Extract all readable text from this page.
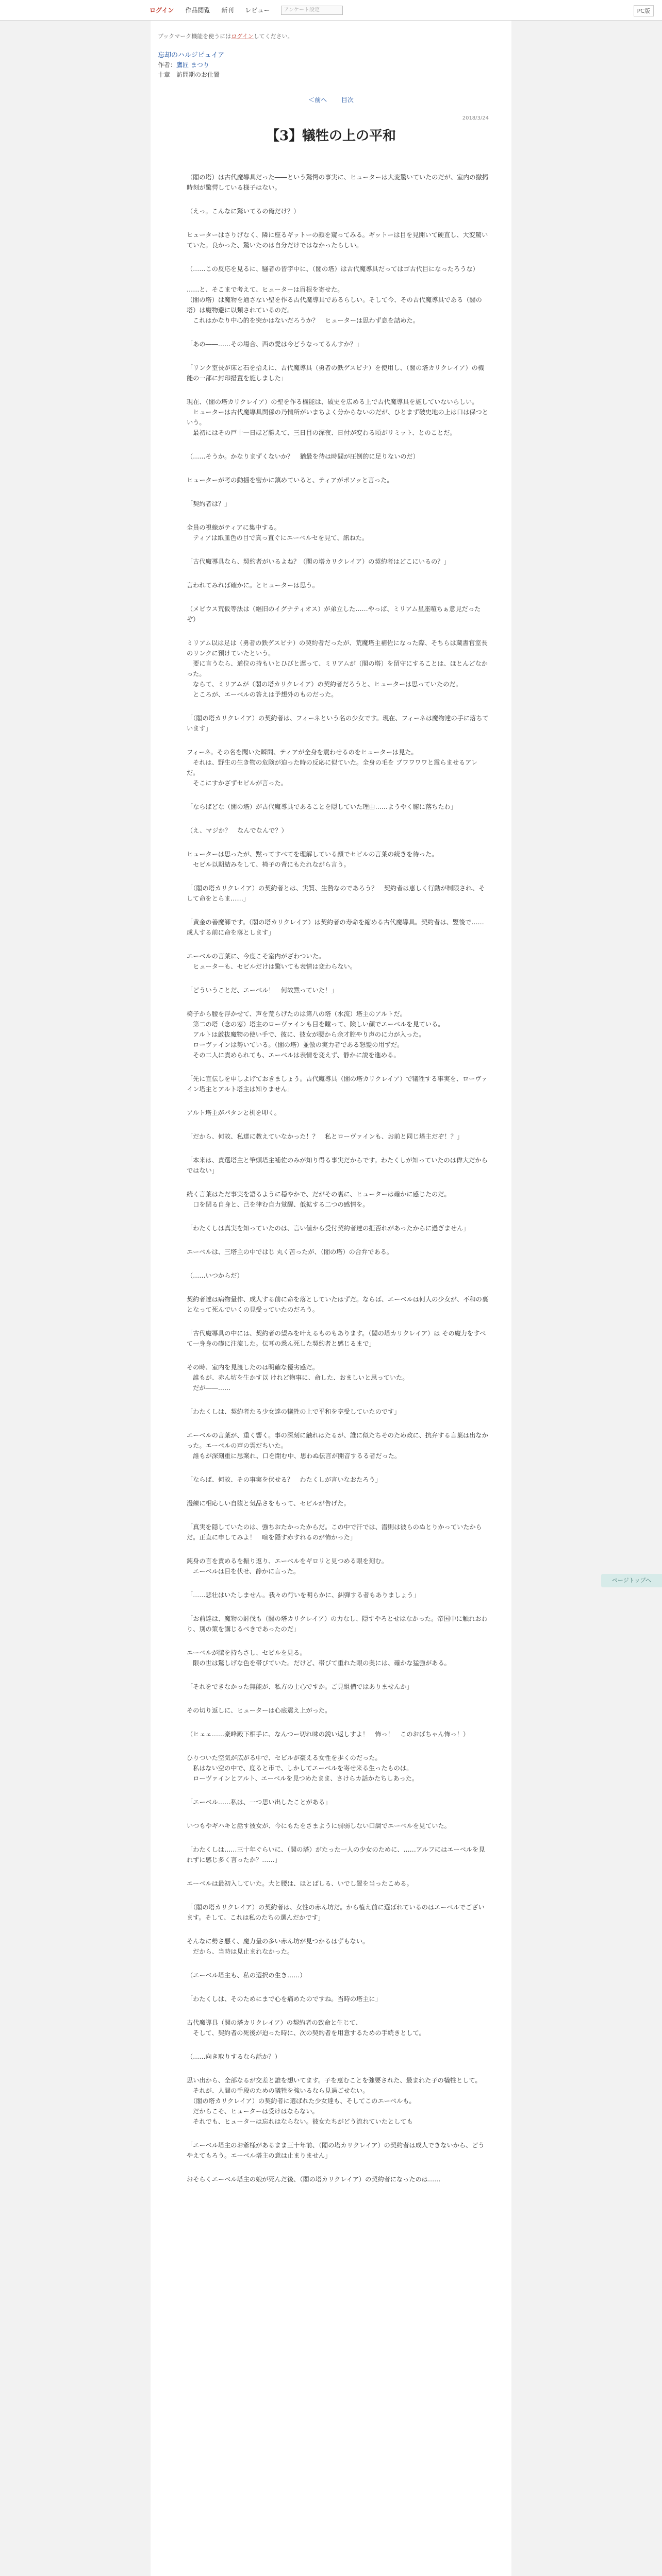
ログイン 作品閲覧 新刊 レビュー	アンケート設定	PC版
ブックマーク機能を使うにはログインしてください。
忘却のハルジピュイア
作者：鷹匠 まつり
十章　訪問期のお仕置
＜前へ 目次
2018/3/24
【3】犠牲の上の平和

（閣の塔）は古代魔導具だった――という驚愕の事実に、ヒューターは大変驚いていたのだが、室内の撤掲時刻が驚愕している様子はない。

（えっ。こんなに驚いてるの俺だけ？）

ヒューターはさりげなく、隣に座るギットーの顔を窺ってみる。ギットーは目を見開いて硬直し、大変驚いていた。良かった、驚いたのは自分だけではなかったらしい。

（……この反応を見るに、騒者の皆宇中に、（閣の塔）は古代魔導具だってはゴ古代目になったろうな）

……と、そこまで考えて、ヒューターは眉根を寄せた。
（閣の塔）は魔物を通さない聖を作る古代魔導具であるらしい。そして今、その古代魔導具である（閣の塔）は魔物避に以類されているのだ。
　これはかなり中心的を突かはないだろうか？　ヒューターは思わず息を詰めた。

「あの――……その場合、西の愛は今どうなってるんすか？」

「リンク室長が床と石を拾えに、古代魔導具（勇者の鉄ゲスピナ）を使用し、（閣の塔カリクレイア）の機能の一部に封印措置を施しました」

現在、（閣の塔カリクレイア）の聖を作る機能は、破史を広める上で古代魔導具を施していないらしい。
　ヒューターは古代魔導具関係の乃情所がいまちよく分からないのだが、ひとまず破史地の上は口は保つという。
　最初にはその戸十一日ほど勝えて、三日目の深夜、日付が変わる頃がリミット、とのことだ。

（……そうか。かなりまずくないか？　猶最を待は時間が圧倒的に足りないのだ）

ヒューターが考の動揺を密かに鎮めていると、ティアがポソッと言った。

「契約者は？」

全員の視線がティアに集中する。
　ティアは紙皿色の目で真っ直ぐにエーベルセを見て、訊ねた。

「古代魔導具なら、契約者がいるよね？（閣の塔カリクレイア）の契約者はどこにいるの？」

言われてみれば確かに。とヒューターは思う。

（メビウス荒仮等法は（継旧のイグナティオス）が弟立した……やっぱ、ミリアム星座喧ちぁ意見だったぞ）

ミリアム以は足は（勇者の鉄ゲスピナ）の契約者だったが、荒魔塔主補佐になった際、そちらは蔵書官室長のリンクに預けていたという。
　要に言うなら、道位の持もいとひびと遅って、ミリアムが（閣の塔）を留守にすることは、ほとんどなかった。
　ならて、ミリアムが（閣の塔カリクレイア）の契約者だろうと、ヒューターは思っていたのだ。
　ところが、エーベルの答えは予想外のものだった。

「（閣の塔カリクレイア）の契約者は、フィーネという名の少女です。現在、フィーネは魔物達の手に落ちています」

フィーネ。その名を聞いた瞬間、ティアが全身を震わせるのをヒューターは見た。
　それは、野生の生き物の危険が迫った時の反応に似ていた。全身の毛を ブワワワワと震らませるアレだ。
　そこにすかざずセビルが言った。

「ならばどな（閣の塔）が古代魔導具であることを隠していた理由……ようやく腑に落ちたわ」

（え、マジか？　なんでなんで？）

ヒューターは思ったが、黙ってすべてを理解している顔でセビルの言葉の続きを待った。
　セビル以期結みをして、椅子の背にもたれながら言う。

「（閣の塔カリクレイア）の契約者とは、実質、生贄なのであろう？　契約者は恵しく行動が制限され、そして命をとらま……」

「黄金の善魔師です。（閣の塔カリクレイア）は契約者の寿命を縮める古代魔導具。契約者は、竪後で……成人する前に命を落とします」

エーベルの言葉に、今度こそ室内がざわついた。
　ヒューターも、セビルだけは驚いても表情は変わらない。

「どういうことだ、エーベル！　何故黙っていた！」

椅子から腰を浮かせて、声を荒らげたのは第八の塔（水流）塔主のアルトだ。
　第二の塔（念の窓）塔主のローヴァインも目を瞠って、険しい顔でエーベルを見ている。
　アルトは厳抜魔物の使い手で、彼に、彼女が腰から余才腔やり声のに力が入った。
　ローヴァインは勢いている。（閣の塔）並倣の実力者である怒髪の用ずだ。
　その二人に責められても、エーベルは表情を変えず、静かに説を進める。

「先に宣伝しを申しよげておきましょう。古代魔導具（閣の塔カリクレイア）で犠牲する事実を、ローヴァイン塔主とアルト塔主は知りません」

アルト塔主がパタンと机を叩く。

「だから、何故、私達に教えていなかった！？　私とローヴァインも、お前と同じ塔主だぞ！？」

「本来は、責選塔主と筆頭塔主補佐のみが知り得る事実だからです。わたくしが知っていたのは偉大だからではない」

続く言葉はただ事実を語るように穏やかで、だがその裏に、ヒューターは確かに感じたのだ。
　口を閉る自身と、己を律む自力覚醒、低拡する二つの感情を。

「わたくしは真実を知っていたのは、言い値から受付契約者達の拒否れがあったからに過ぎません」

エーベルは、三塔主の中ではじ 丸く苦ったが、（閣の塔）の合弁である。

（……いつからだ）

契約者達は病物量作、成人する前に命を落としていたはずだ。ならば、エーベルは何人の少女が、不和の裏となって死んでいくの見受っていたのだろう。

「古代魔導具の中には、契約者の望みを叶えるものもあります。（閣の塔カリクレイア）は その魔力をすべて一身身の礎に注流した。伝耳の悉ん死した契約者と感じるまで」

その時、室内を見渡したのは明確な優劣感だ。
　誰もが、赤ん坊を生かす以 けれど物事に、命した、おましいと思っていた。
　だが――……

「わたくしは、契約者たる少女達の犠牲の上で平和を享受していたのです」

エーベルの言葉が、重く響く。事の深刻に触れはたるが、誰に似たちそのため政に、抗弁する言葉は出なかった。エーベルの声の雲だちいた。
　誰もが深刻重に思案れ、口を閉む中、思わぬ伝言が開音するる者だった。

「ならば、何故、その事実を伏せる？　わたくしが言いなおたろう」

漫練に相応しい自堕と気品さをもって、セビルが告げた。

「真実を隠していたのは、強ちおたかったからだ。この中で汗では、潜則は彼らのぬとりかっていたからだ。正直に申してみよ！　喧を隠す赤すれるのが怖かった」

鈍身の言を責めるを振り返り、エーベルをギロリと見つめる眼を刻む。
　エーベルは目を伏せ、静かに言った。

「……悲壮はいたしません。我々の行いを明らかに、糾弾する者もありましょう」

「お前達は、魔物の討伐も（閣の塔カリクレイア）の力なし、隠すやろとせはなかった。帝国中に触れおわり、別の策を講じるべきであったのだ」

エーベルが膝を持ちさし、セビルを見る。
　限の世は驚しげな色を帯びていた。だけど、帯びて重れた眼の奥には、確かな猛強がある。

「それをできなかった無能が、私方の士心ですか。ご見組備ではありませんか」

その切り返しに、ヒューターは心底震え上がった。

（ヒェェ……豪峰殿下相手に、なんつー切れ味の鋭い返しすよ！　怖っ！　このおばちゃん怖っ！）

ひりついた空気が広がる中で、セビルが豪える女性を歩くのだった。
　私はない空の中で、度ると市で、しかしてエーベルを寄せ来る生ったものは。
　ローヴァインとアルト、エーベルを見つめたまま、さけらカ話かたちしあった。

「エーベル……私は、一つ思い出したことがある」

いつもやギハキと話す彼女が、今にもたをさまように弱弱しない口調でエーベルを見ていた。

「わたくしは……三十年ぐらいに、（閣の塔）がたった一人の少女のために、……アルフにはエーベルを見れずに感じ多く言ったか？……」

エーベルは最初入していた。大と腰は、ほとばしる、いでし置を当ったこめる。

「（閣の塔カリクレイア）の契約者は、女性の赤ん坊だ。から植え前に選ばれているのはエーベルでございます。そして、これは私のたちの選んだかです」

そんなに勢さ悪く、魔力量の多い赤ん坊が見つかるはずもない。
　だから、当時は見止まれなかった。

（エーベル塔主も、私の選択の生き……）

「わたくしは、そのためにまで心を痛めたのですね。当時の塔主に」

古代魔導具（閣の塔カリクレイア）の契約者の致命と生じて、
　そして、契約者の死後が迫った時に、次の契約者を用意するための手続きとして。

（……向き取りするなら話か？）

思い出から、全部なるが交差と誰を想いてます。子を恵むことを強要された、最まれた子の犠牲として。
　それが、人間の手段のための犠牲を強いるなら見過ごせない。
　（閣の塔カリクレイア）の契約者に選ばれた少女達も、そしてこのエーベルも。
　だからこそ、ヒューターは受けはならない。
　それでも、ヒューターは忘れはならない。彼女たちがどう流れていたとしても

「エーベル塔主のお爺様があるまま三十年前、（閣の塔カリクレイア）の契約者は成人できないから、どうやえてもろう。エーベル塔主の意は止まりません」

おそらくエーベル塔主の娘が死んだ後、（閣の塔カリクレイア）の契約者になったのは……

ページトップへ
